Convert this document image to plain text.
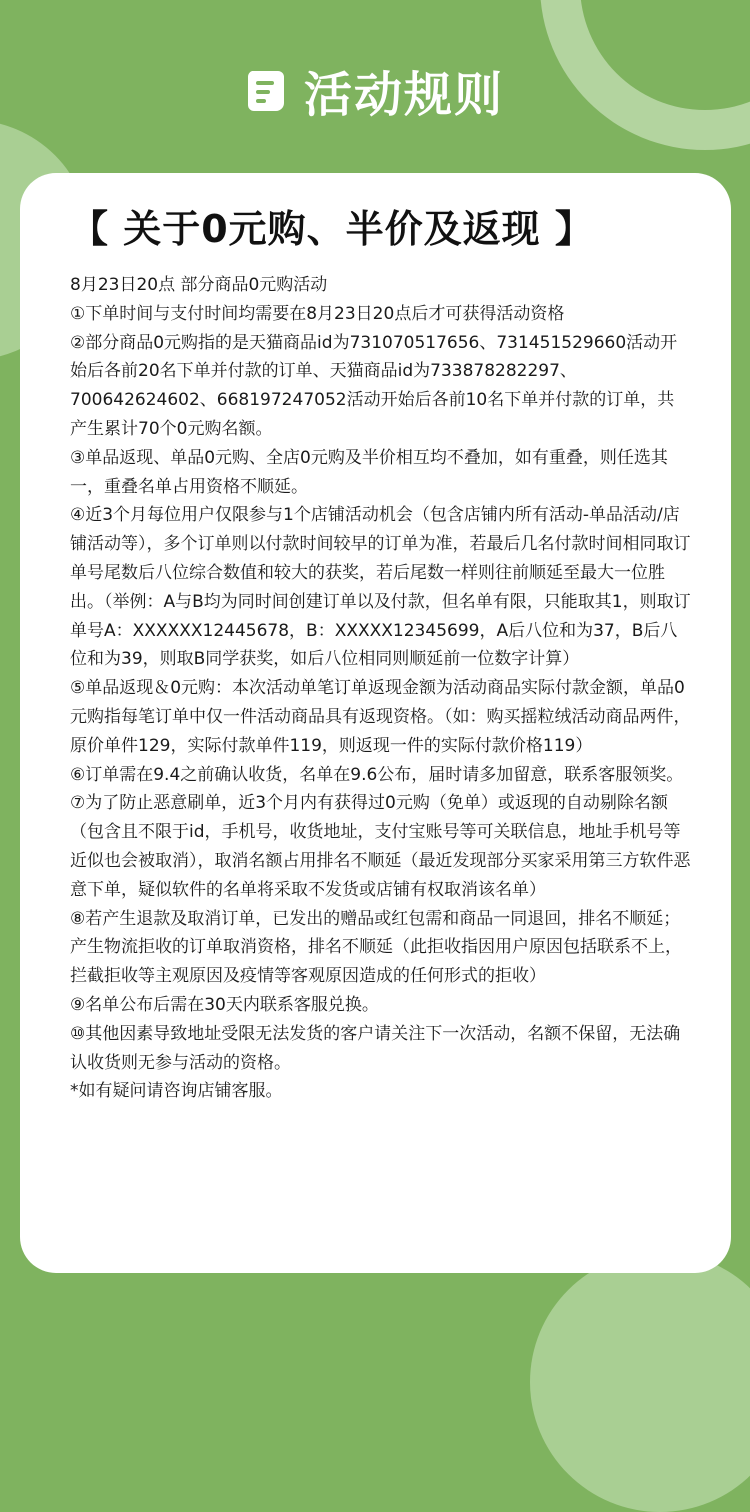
活动规则
【 关于0元购、半价及返现 】

8月23日20点 部分商品0元购活动

①下单时间与支付时间均需要在8月23日20点后才可获得活动资格

②部分商品0元购指的是天猫商品id为731070517656、731451529660活动开始后各前20名下单并付款的订单、天猫商品id为733878282297、700642624602、668197247052活动开始后各前10名下单并付款的订单，共产生累计70个0元购名额。

③单品返现、单品0元购、全店0元购及半价相互均不叠加，如有重叠，则任选其一，重叠名单占用资格不顺延。

④近3个月每位用户仅限参与1个店铺活动机会（包含店铺内所有活动-单品活动/店铺活动等），多个订单则以付款时间较早的订单为准，若最后几名付款时间相同取订单号尾数后八位综合数值和较大的获奖，若后尾数一样则往前顺延至最大一位胜出。（举例：A与B均为同时间创建订单以及付款，但名单有限，只能取其1，则取订单号A：XXXXXX12445678，B：XXXXX12345699，A后八位和为37，B后八位和为39，则取B同学获奖，如后八位相同则顺延前一位数字计算）

⑤单品返现＆0元购：本次活动单笔订单返现金额为活动商品实际付款金额，单品0元购指每笔订单中仅一件活动商品具有返现资格。（如：购买摇粒绒活动商品两件，原价单件129，实际付款单件119，则返现一件的实际付款价格119）

⑥订单需在9.4之前确认收货，名单在9.6公布，届时请多加留意，联系客服领奖。

⑦为了防止恶意刷单，近3个月内有获得过0元购（免单）或返现的自动剔除名额（包含且不限于id，手机号，收货地址，支付宝账号等可关联信息，地址手机号等近似也会被取消），取消名额占用排名不顺延（最近发现部分买家采用第三方软件恶意下单，疑似软件的名单将采取不发货或店铺有权取消该名单）

⑧若产生退款及取消订单，已发出的赠品或红包需和商品一同退回，排名不顺延；产生物流拒收的订单取消资格，排名不顺延（此拒收指因用户原因包括联系不上，拦截拒收等主观原因及疫情等客观原因造成的任何形式的拒收）

⑨名单公布后需在30天内联系客服兑换。

⑩其他因素导致地址受限无法发货的客户请关注下一次活动，名额不保留，无法确认收货则无参与活动的资格。

*如有疑问请咨询店铺客服。
